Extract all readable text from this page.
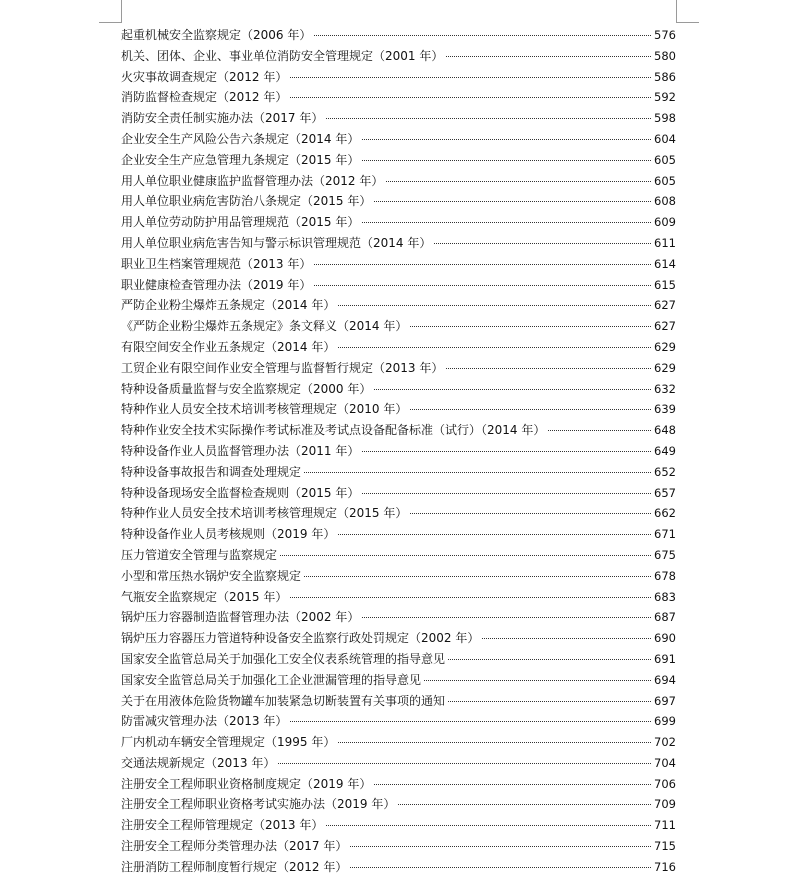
起重机械安全监察规定（2006 年）	576
机关、团体、企业、事业单位消防安全管理规定（2001 年）	580
火灾事故调查规定（2012 年）	586
消防监督检查规定（2012 年）	592
消防安全责任制实施办法（2017 年）	598
企业安全生产风险公告六条规定（2014 年）	604
企业安全生产应急管理九条规定（2015 年）	605
用人单位职业健康监护监督管理办法（2012 年）	605
用人单位职业病危害防治八条规定（2015 年）	608
用人单位劳动防护用品管理规范（2015 年）	609
用人单位职业病危害告知与警示标识管理规范（2014 年）	611
职业卫生档案管理规范（2013 年）	614
职业健康检查管理办法（2019 年）	615
严防企业粉尘爆炸五条规定（2014 年）	627
《严防企业粉尘爆炸五条规定》条文释义（2014 年）	627
有限空间安全作业五条规定（2014 年）	629
工贸企业有限空间作业安全管理与监督暂行规定（2013 年）	629
特种设备质量监督与安全监察规定（2000 年）	632
特种作业人员安全技术培训考核管理规定（2010 年）	639
特种作业安全技术实际操作考试标准及考试点设备配备标准（试行）（2014 年）	648
特种设备作业人员监督管理办法（2011 年）	649
特种设备事故报告和调查处理规定	652
特种设备现场安全监督检查规则（2015 年）	657
特种作业人员安全技术培训考核管理规定（2015 年）	662
特种设备作业人员考核规则（2019 年）	671
压力管道安全管理与监察规定	675
小型和常压热水锅炉安全监察规定	678
气瓶安全监察规定（2015 年）	683
锅炉压力容器制造监督管理办法（2002 年）	687
锅炉压力容器压力管道特种设备安全监察行政处罚规定（2002 年）	690
国家安全监管总局关于加强化工安全仪表系统管理的指导意见	691
国家安全监管总局关于加强化工企业泄漏管理的指导意见	694
关于在用液体危险货物罐车加装紧急切断装置有关事项的通知	697
防雷减灾管理办法（2013 年）	699
厂内机动车辆安全管理规定（1995 年）	702
交通法规新规定（2013 年）	704
注册安全工程师职业资格制度规定（2019 年）	706
注册安全工程师职业资格考试实施办法（2019 年）	709
注册安全工程师管理规定（2013 年）	711
注册安全工程师分类管理办法（2017 年）	715
注册消防工程师制度暂行规定（2012 年）	716
